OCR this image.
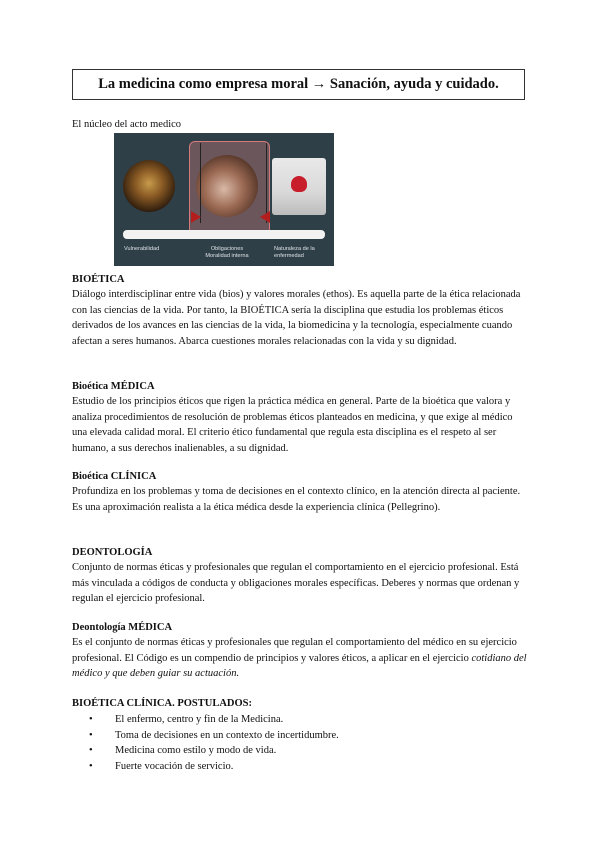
La medicina como empresa moral → Sanación, ayuda y cuidado.
El núcleo del acto medico
Vulnerabilidad	Obligaciones
Moralidad interna
Naturaleza de la
enfermedad
BIOÉTICA

Diálogo interdisciplinar entre vida (bios) y valores morales (ethos). Es aquella parte de la ética relacionada con las ciencias de la vida. Por tanto, la BIOÉTICA sería la disciplina que estudia los problemas éticos derivados de los avances en las ciencias de la vida, la biomedicina y la tecnología, especialmente cuando afectan a seres humanos. Abarca cuestiones morales relacionadas con la vida y su dignidad.

Bioética MÉDICA

Estudio de los principios éticos que rigen la práctica médica en general. Parte de la bioética que valora y analiza procedimientos de resolución de problemas éticos planteados en medicina, y que exige al médico una elevada calidad moral. El criterio ético fundamental que regula esta disciplina es el respeto al ser humano, a sus derechos inalienables, a su dignidad.

Bioética CLÍNICA

Profundiza en los problemas y toma de decisiones en el contexto clínico, en la atención directa al paciente. Es una aproximación realista a la ética médica desde la experiencia clínica (Pellegrino).

DEONTOLOGÍA

Conjunto de normas éticas y profesionales que regulan el comportamiento en el ejercicio profesional. Está más vinculada a códigos de conducta y obligaciones morales específicas. Deberes y normas que ordenan y regulan el ejercicio profesional.

Deontología MÉDICA

Es el conjunto de normas éticas y profesionales que regulan el comportamiento del médico en su ejercicio profesional. El Código es un compendio de principios y valores éticos, a aplicar en el ejercicio cotidiano del médico y que deben guiar su actuación.

BIOÉTICA CLÍNICA. POSTULADOS:
• El enfermo, centro y fin de la Medicina.
• Toma de decisiones en un contexto de incertidumbre.
• Medicina como estilo y modo de vida.
• Fuerte vocación de servicio.
